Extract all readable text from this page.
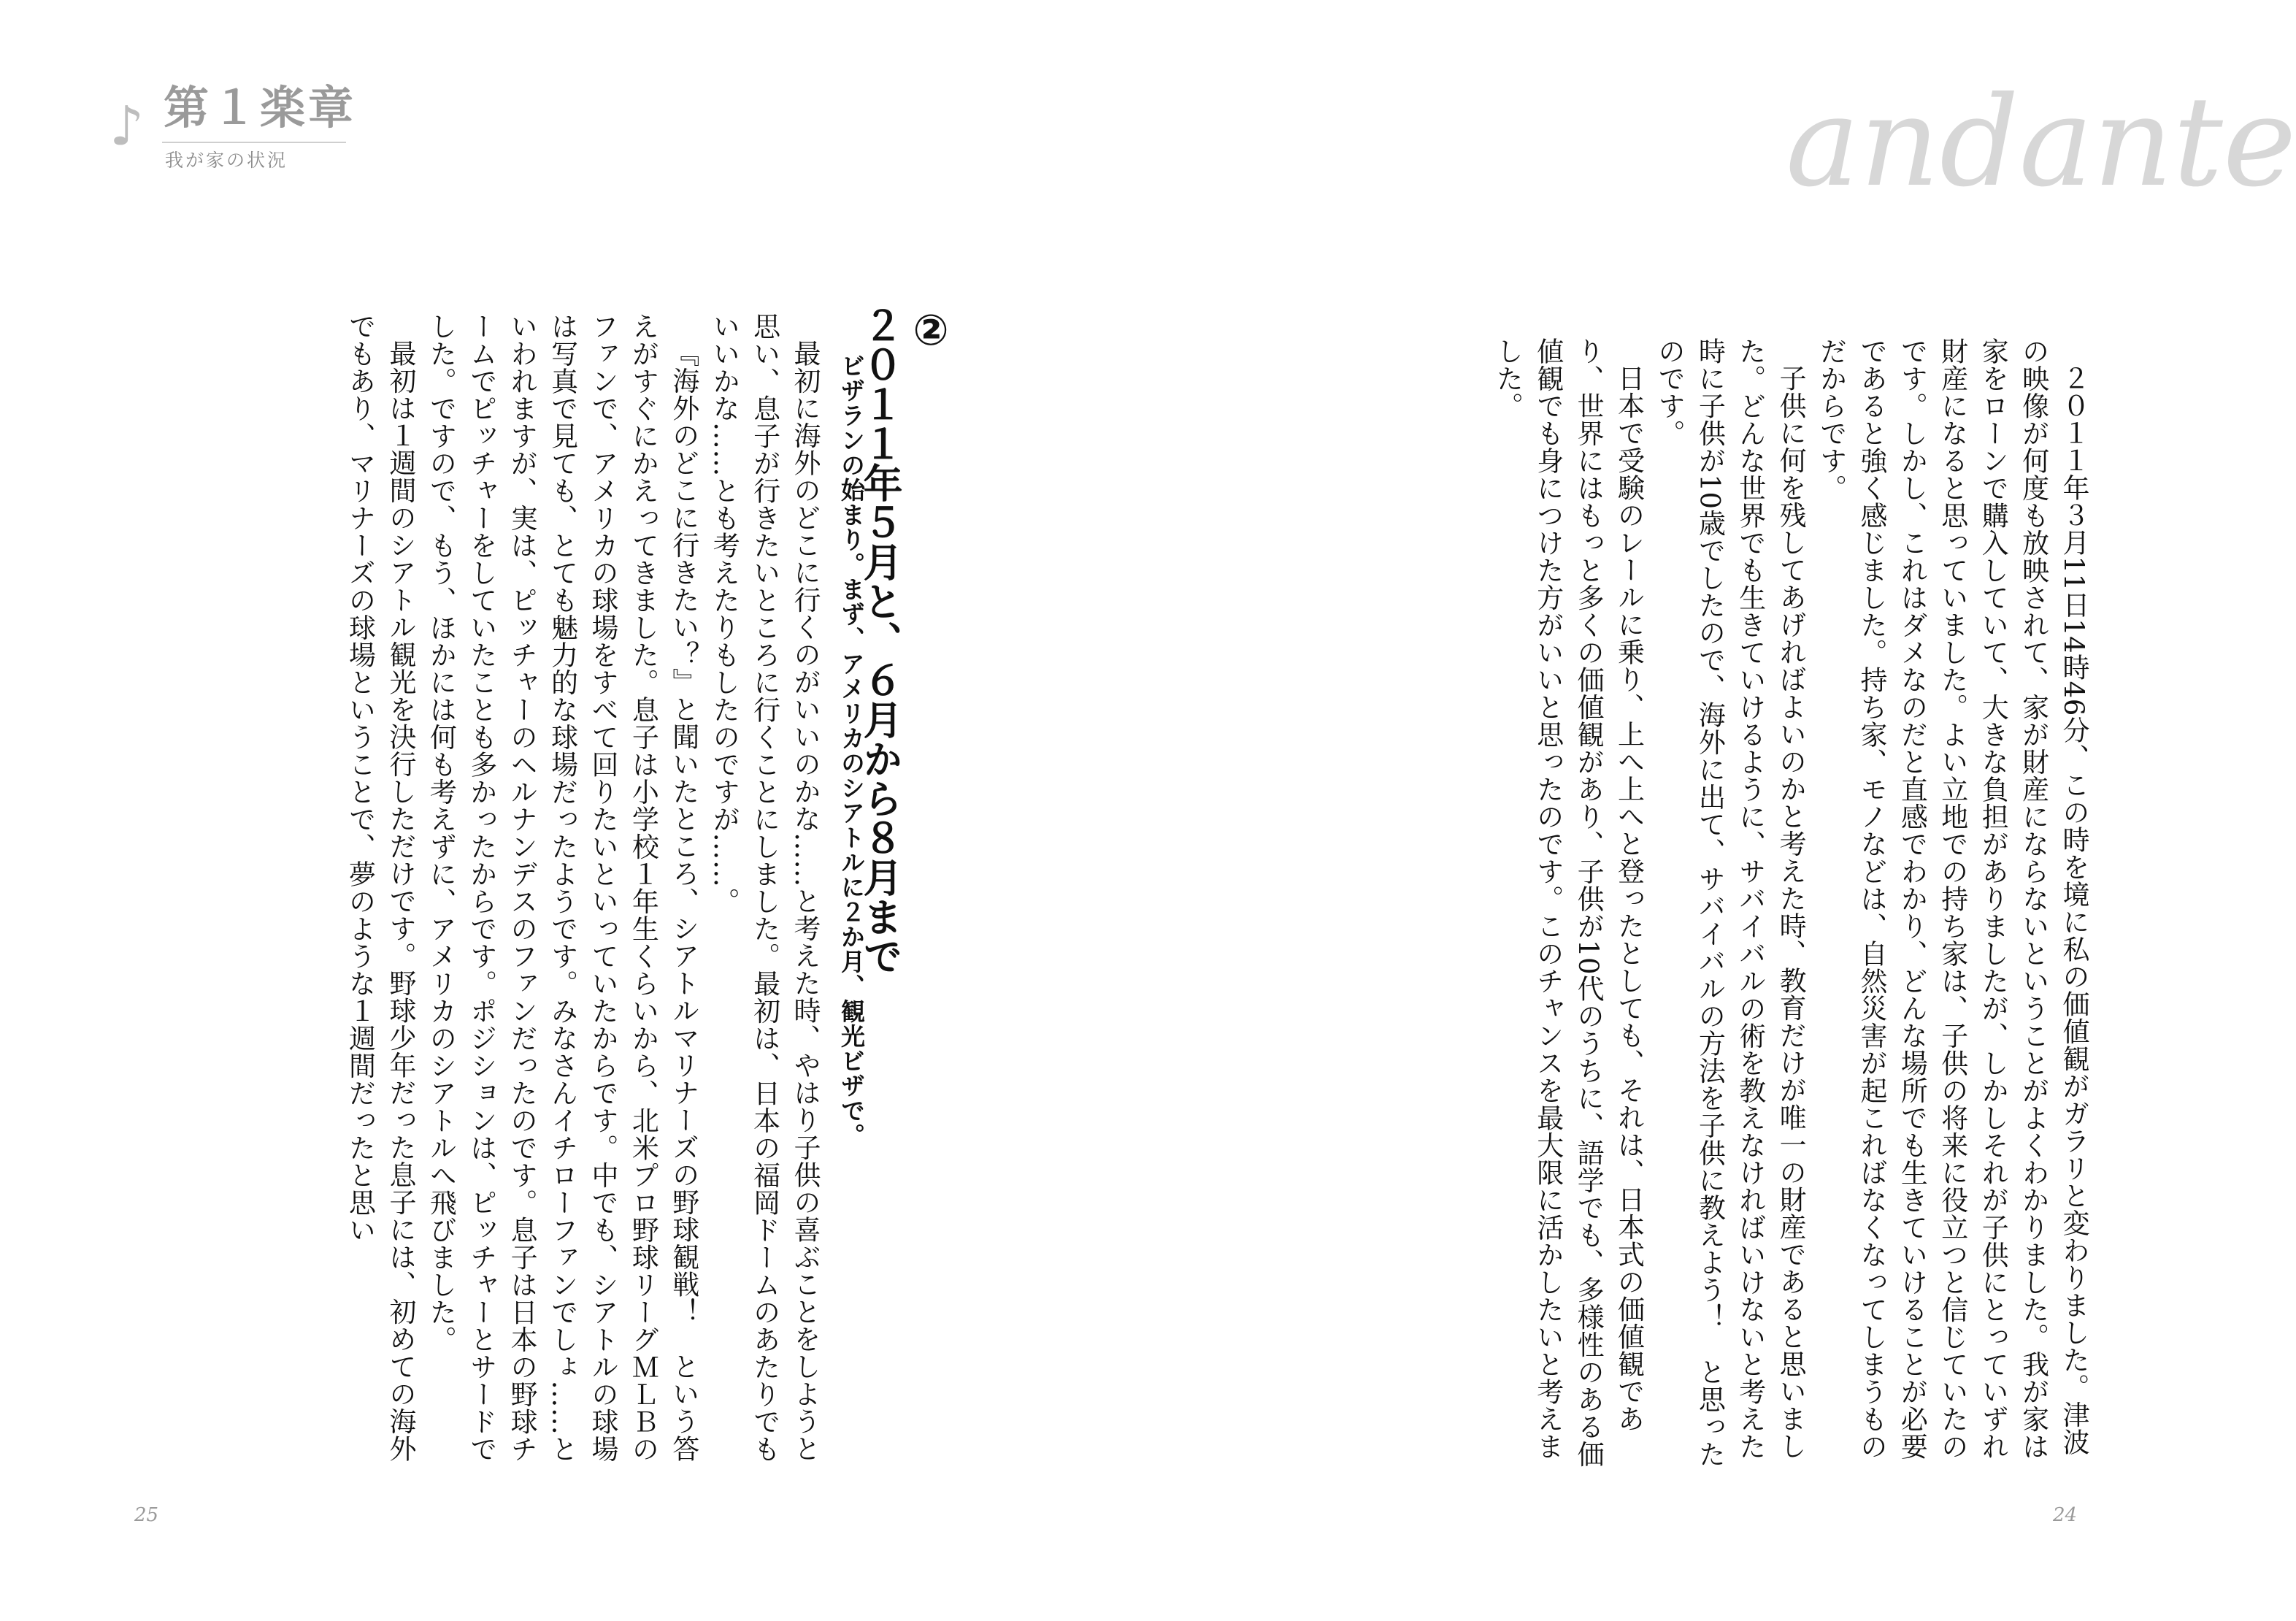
♪ 第１楽章
我が家の状況	andante

２０１１年３月11日14時46分、この時を境に私の価値観がガラリと変わりました。津波の映像が何度も放映されて、家が財産にならないということがよくわかりました。我が家は家をローンで購入していて、大きな負担がありましたが、しかしそれが子供にとっていずれ財産になると思っていました。よい立地での持ち家は、子供の将来に役立つと信じていたのです。しかし、これはダメなのだと直感でわかり、どんな場所でも生きていけることが必要であると強く感じました。持ち家、モノなどは、自然災害が起こればなくなってしまうものだからです。

子供に何を残してあげればよいのかと考えた時、教育だけが唯一の財産であると思いました。どんな世界でも生きていけるように、サバイバルの術を教えなければいけないと考えた時に子供が10歳でしたので、海外に出て、サバイバルの方法を子供に教えよう！　と思ったのです。

日本で受験のレールに乗り、上へ上へと登ったとしても、それは、日本式の価値観であり、世界にはもっと多くの価値観があり、子供が10代のうちに、語学でも、多様性のある価値観でも身につけた方がいいと思ったのです。このチャンスを最大限に活かしたいと考えました。

②
２０１１年５月と、６月から８月まで
ビザランの始まり。まず、アメリカのシアトルに２か月、観光ビザで。

最初に海外のどこに行くのがいいのかな……と考えた時、やはり子供の喜ぶことをしようと思い、息子が行きたいところに行くことにしました。最初は、日本の福岡ドームのあたりでもいいかな……とも考えたりもしたのですが……。

『海外のどこに行きたい？』と聞いたところ、シアトルマリナーズの野球観戦！　という答えがすぐにかえってきました。息子は小学校１年生くらいから、北米プロ野球リーグＭＬＢのファンで、アメリカの球場をすべて回りたいといっていたからです。中でも、シアトルの球場は写真で見ても、とても魅力的な球場だったようです。みなさんイチローファンでしょ……といわれますが、実は、ピッチャーのヘルナンデスのファンだったのです。息子は日本の野球チームでピッチャーをしていたことも多かったからです。ポジションは、ピッチャーとサードでした。ですので、もう、ほかには何も考えずに、アメリカのシアトルへ飛びました。

最初は１週間のシアトル観光を決行しただけです。野球少年だった息子には、初めての海外でもあり、マリナーズの球場ということで、夢のような１週間だったと思い

25	24
